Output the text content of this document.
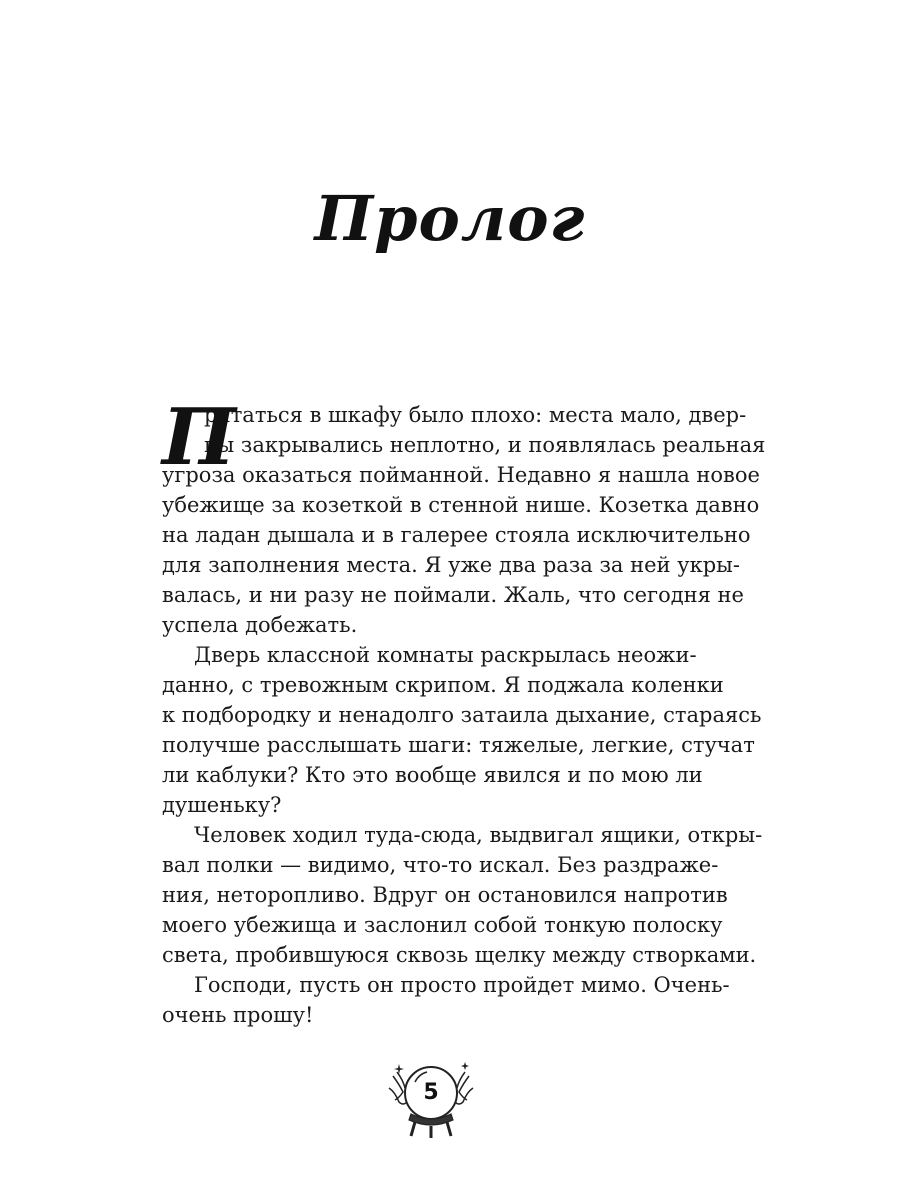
Пролог
П

рятаться в шкафу было плохо: места мало, двер-
цы закрывались неплотно, и появлялась реальная
угроза оказаться пойманной. Недавно я нашла новое
убежище за козеткой в стенной нише. Козетка давно
на ладан дышала и в галерее стояла исключительно
для заполнения места. Я уже два раза за ней укры-
валась, и ни разу не поймали. Жаль, что сегодня не
успела добежать.

Дверь классной комнаты раскрылась неожи-
данно, с тревожным скрипом. Я поджала коленки
к подбородку и ненадолго затаила дыхание, стараясь
получше расслышать шаги: тяжелые, легкие, стучат
ли каблуки? Кто это вообще явился и по мою ли
душеньку?

Человек ходил туда-сюда, выдвигал ящики, откры-
вал полки — видимо, что-то искал. Без раздраже-
ния, неторопливо. Вдруг он остановился напротив
моего убежища и заслонил собой тонкую полоску
света, пробившуюся сквозь щелку между створками.

Господи, пусть он просто пройдет мимо. Очень-
очень прошу!

5
